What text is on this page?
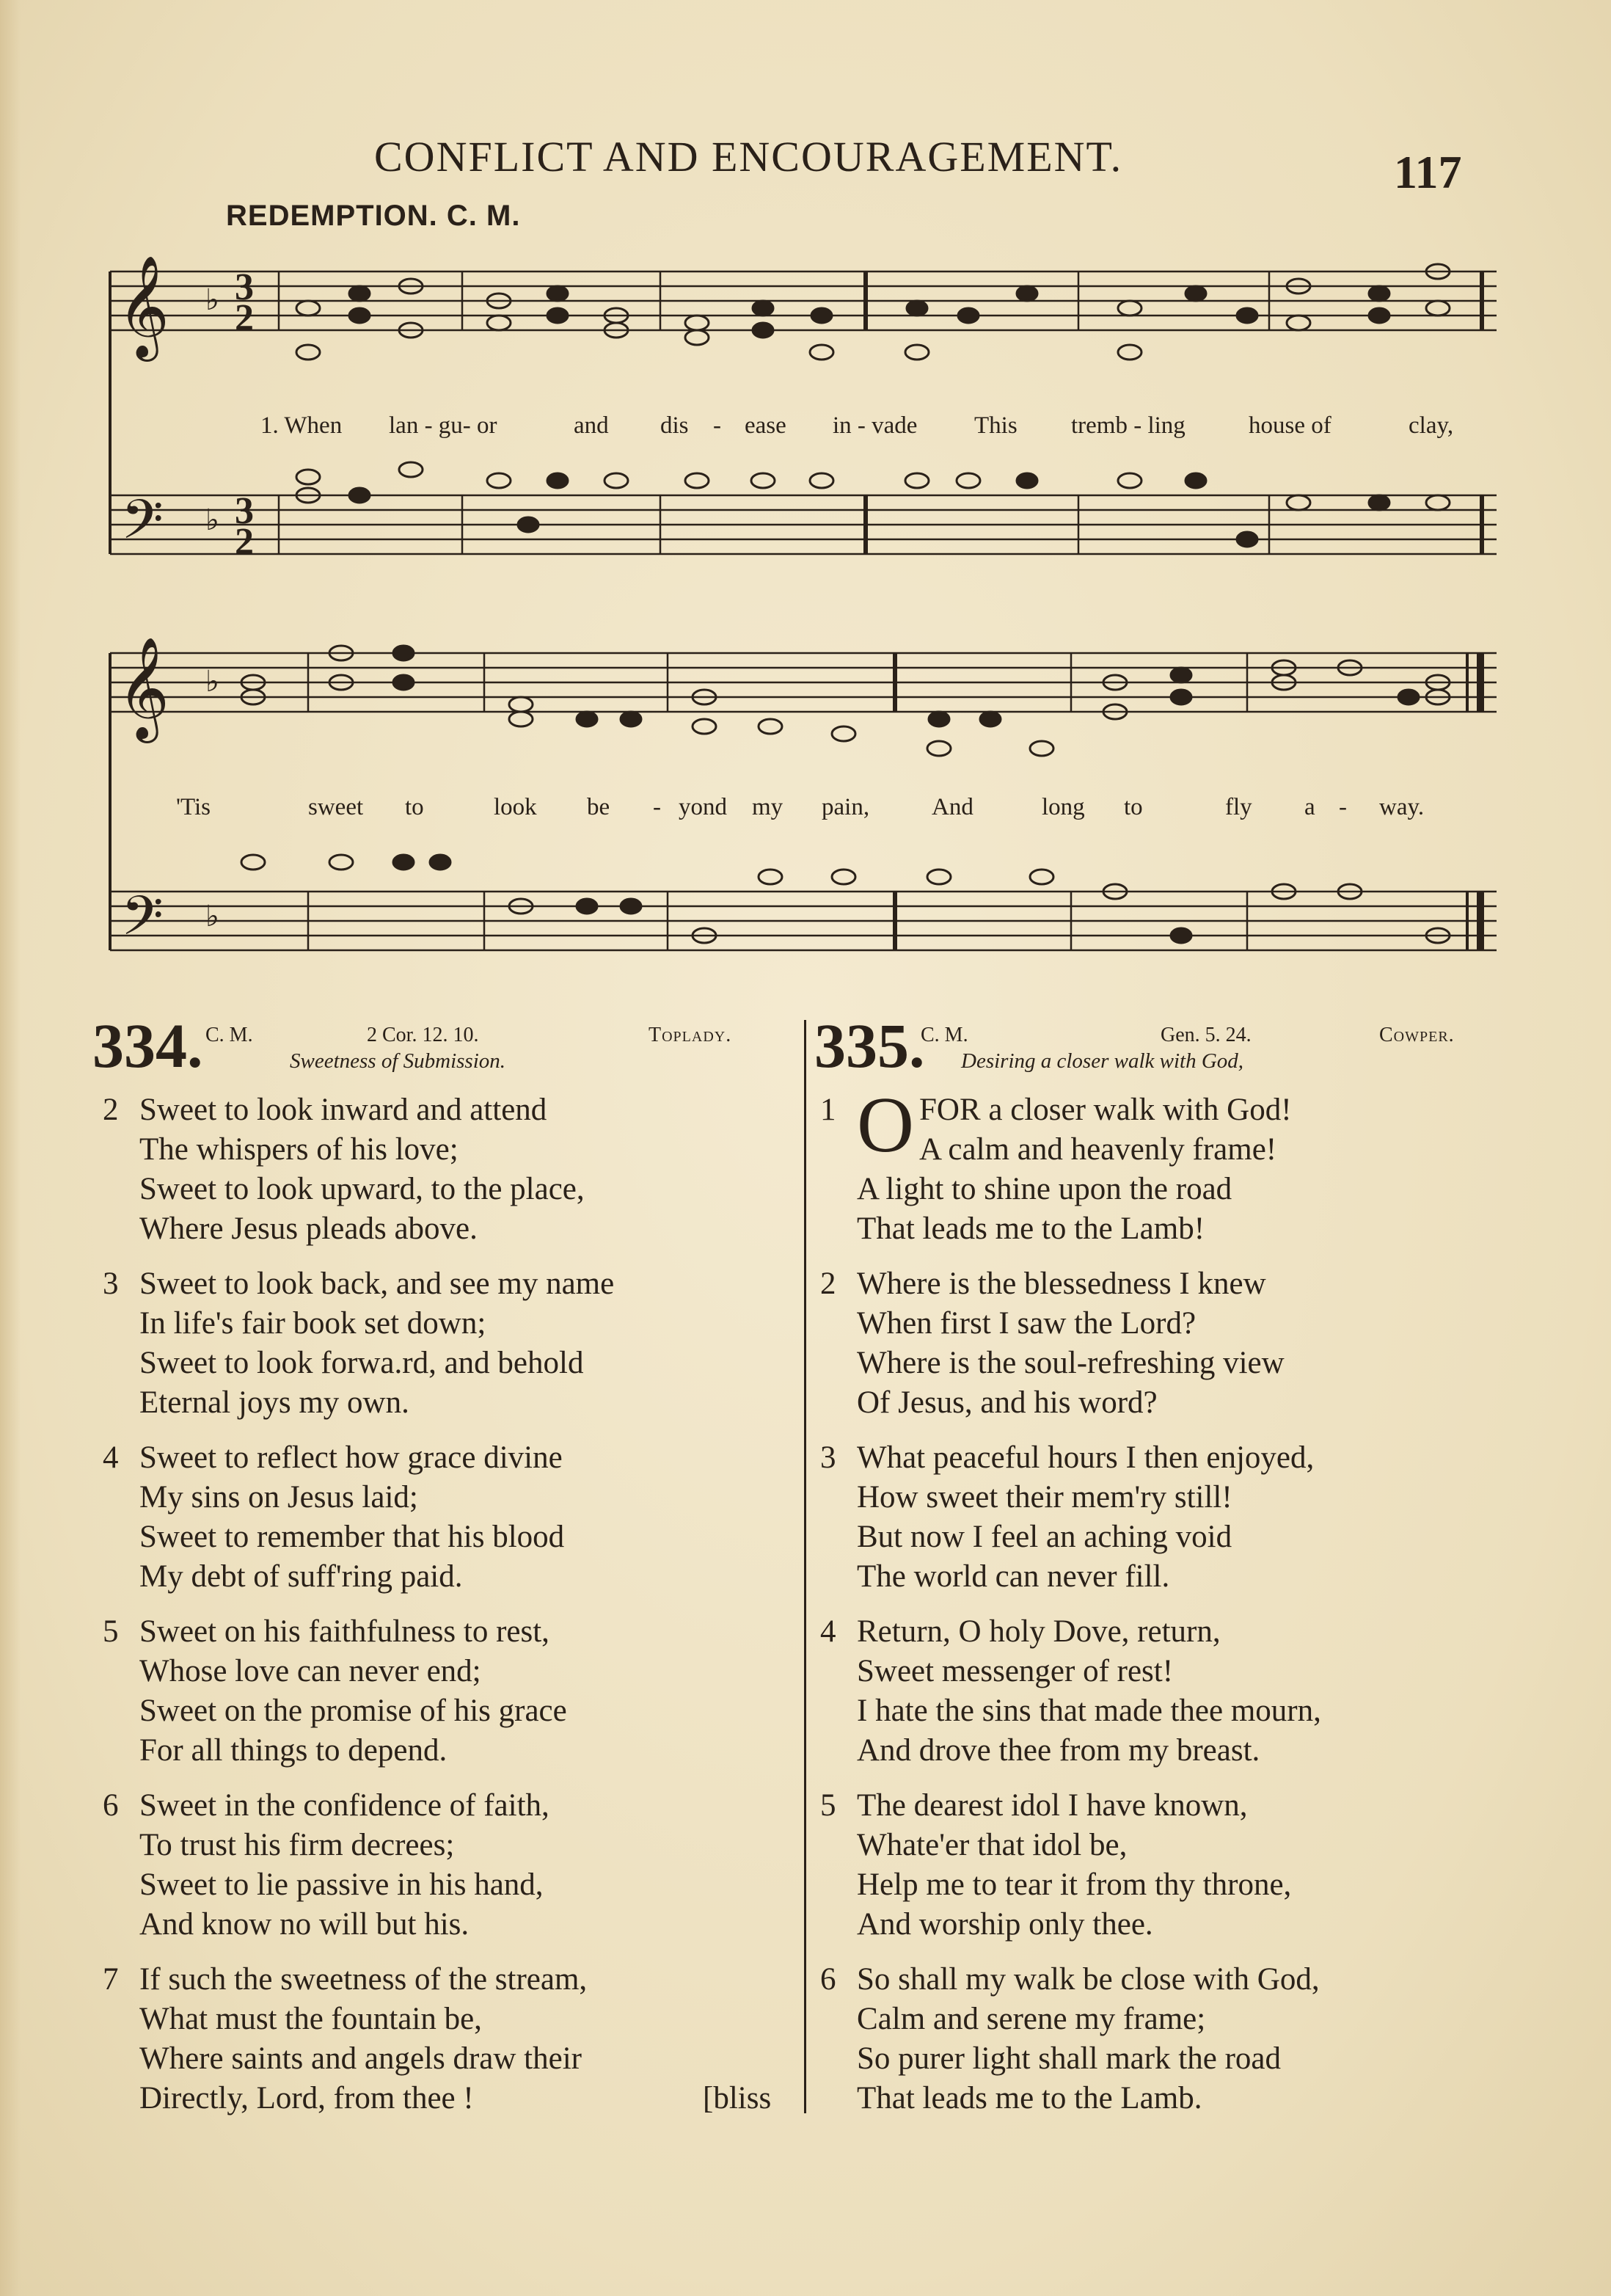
CONFLICT AND ENCOURAGEMENT.	117
REDEMPTION. C. M.
𝄞
𝄢
♭
♭
3
2
3
2
1. When lan - gu- or	and dis - ease in - vade This tremb - ling	house of	clay,
𝄞
𝄢
♭
♭
'Tis	sweet to	look be - yond my pain,	And	long to	fly a - way.
334. C. M.	2 Cor. 12. 10.	Toplady.
Sweetness of Submission.
2 Sweet to look inward and attend
The whispers of his love;
Sweet to look upward, to the place,
Where Jesus pleads above.
3 Sweet to look back, and see my name
In life's fair book set down;
Sweet to look forwa.rd, and behold
Eternal joys my own.
4 Sweet to reflect how grace divine
My sins on Jesus laid;
Sweet to remember that his blood
My debt of suff'ring paid.
5 Sweet on his faithfulness to rest,
Whose love can never end;
Sweet on the promise of his grace
For all things to depend.
6 Sweet in the confidence of faith,
To trust his firm decrees;
Sweet to lie passive in his hand,
And know no will but his.
7 If such the sweetness of the stream,
What must the fountain be,
Where saints and angels draw their
Directly, Lord, from thee !	[bliss
335.
C. M.	Gen. 5. 24.	Cowper.
Desiring a closer walk with God,
1 O FOR a closer walk with God!
A calm and heavenly frame!
A light to shine upon the road
That leads me to the Lamb!
2 Where is the blessedness I knew
When first I saw the Lord?
Where is the soul-refreshing view
Of Jesus, and his word?
3 What peaceful hours I then enjoyed,
How sweet their mem'ry still!
But now I feel an aching void
The world can never fill.
4 Return, O holy Dove, return,
Sweet messenger of rest!
I hate the sins that made thee mourn,
And drove thee from my breast.
5 The dearest idol I have known,
Whate'er that idol be,
Help me to tear it from thy throne,
And worship only thee.
6 So shall my walk be close with God,
Calm and serene my frame;
So purer light shall mark the road
That leads me to the Lamb.
